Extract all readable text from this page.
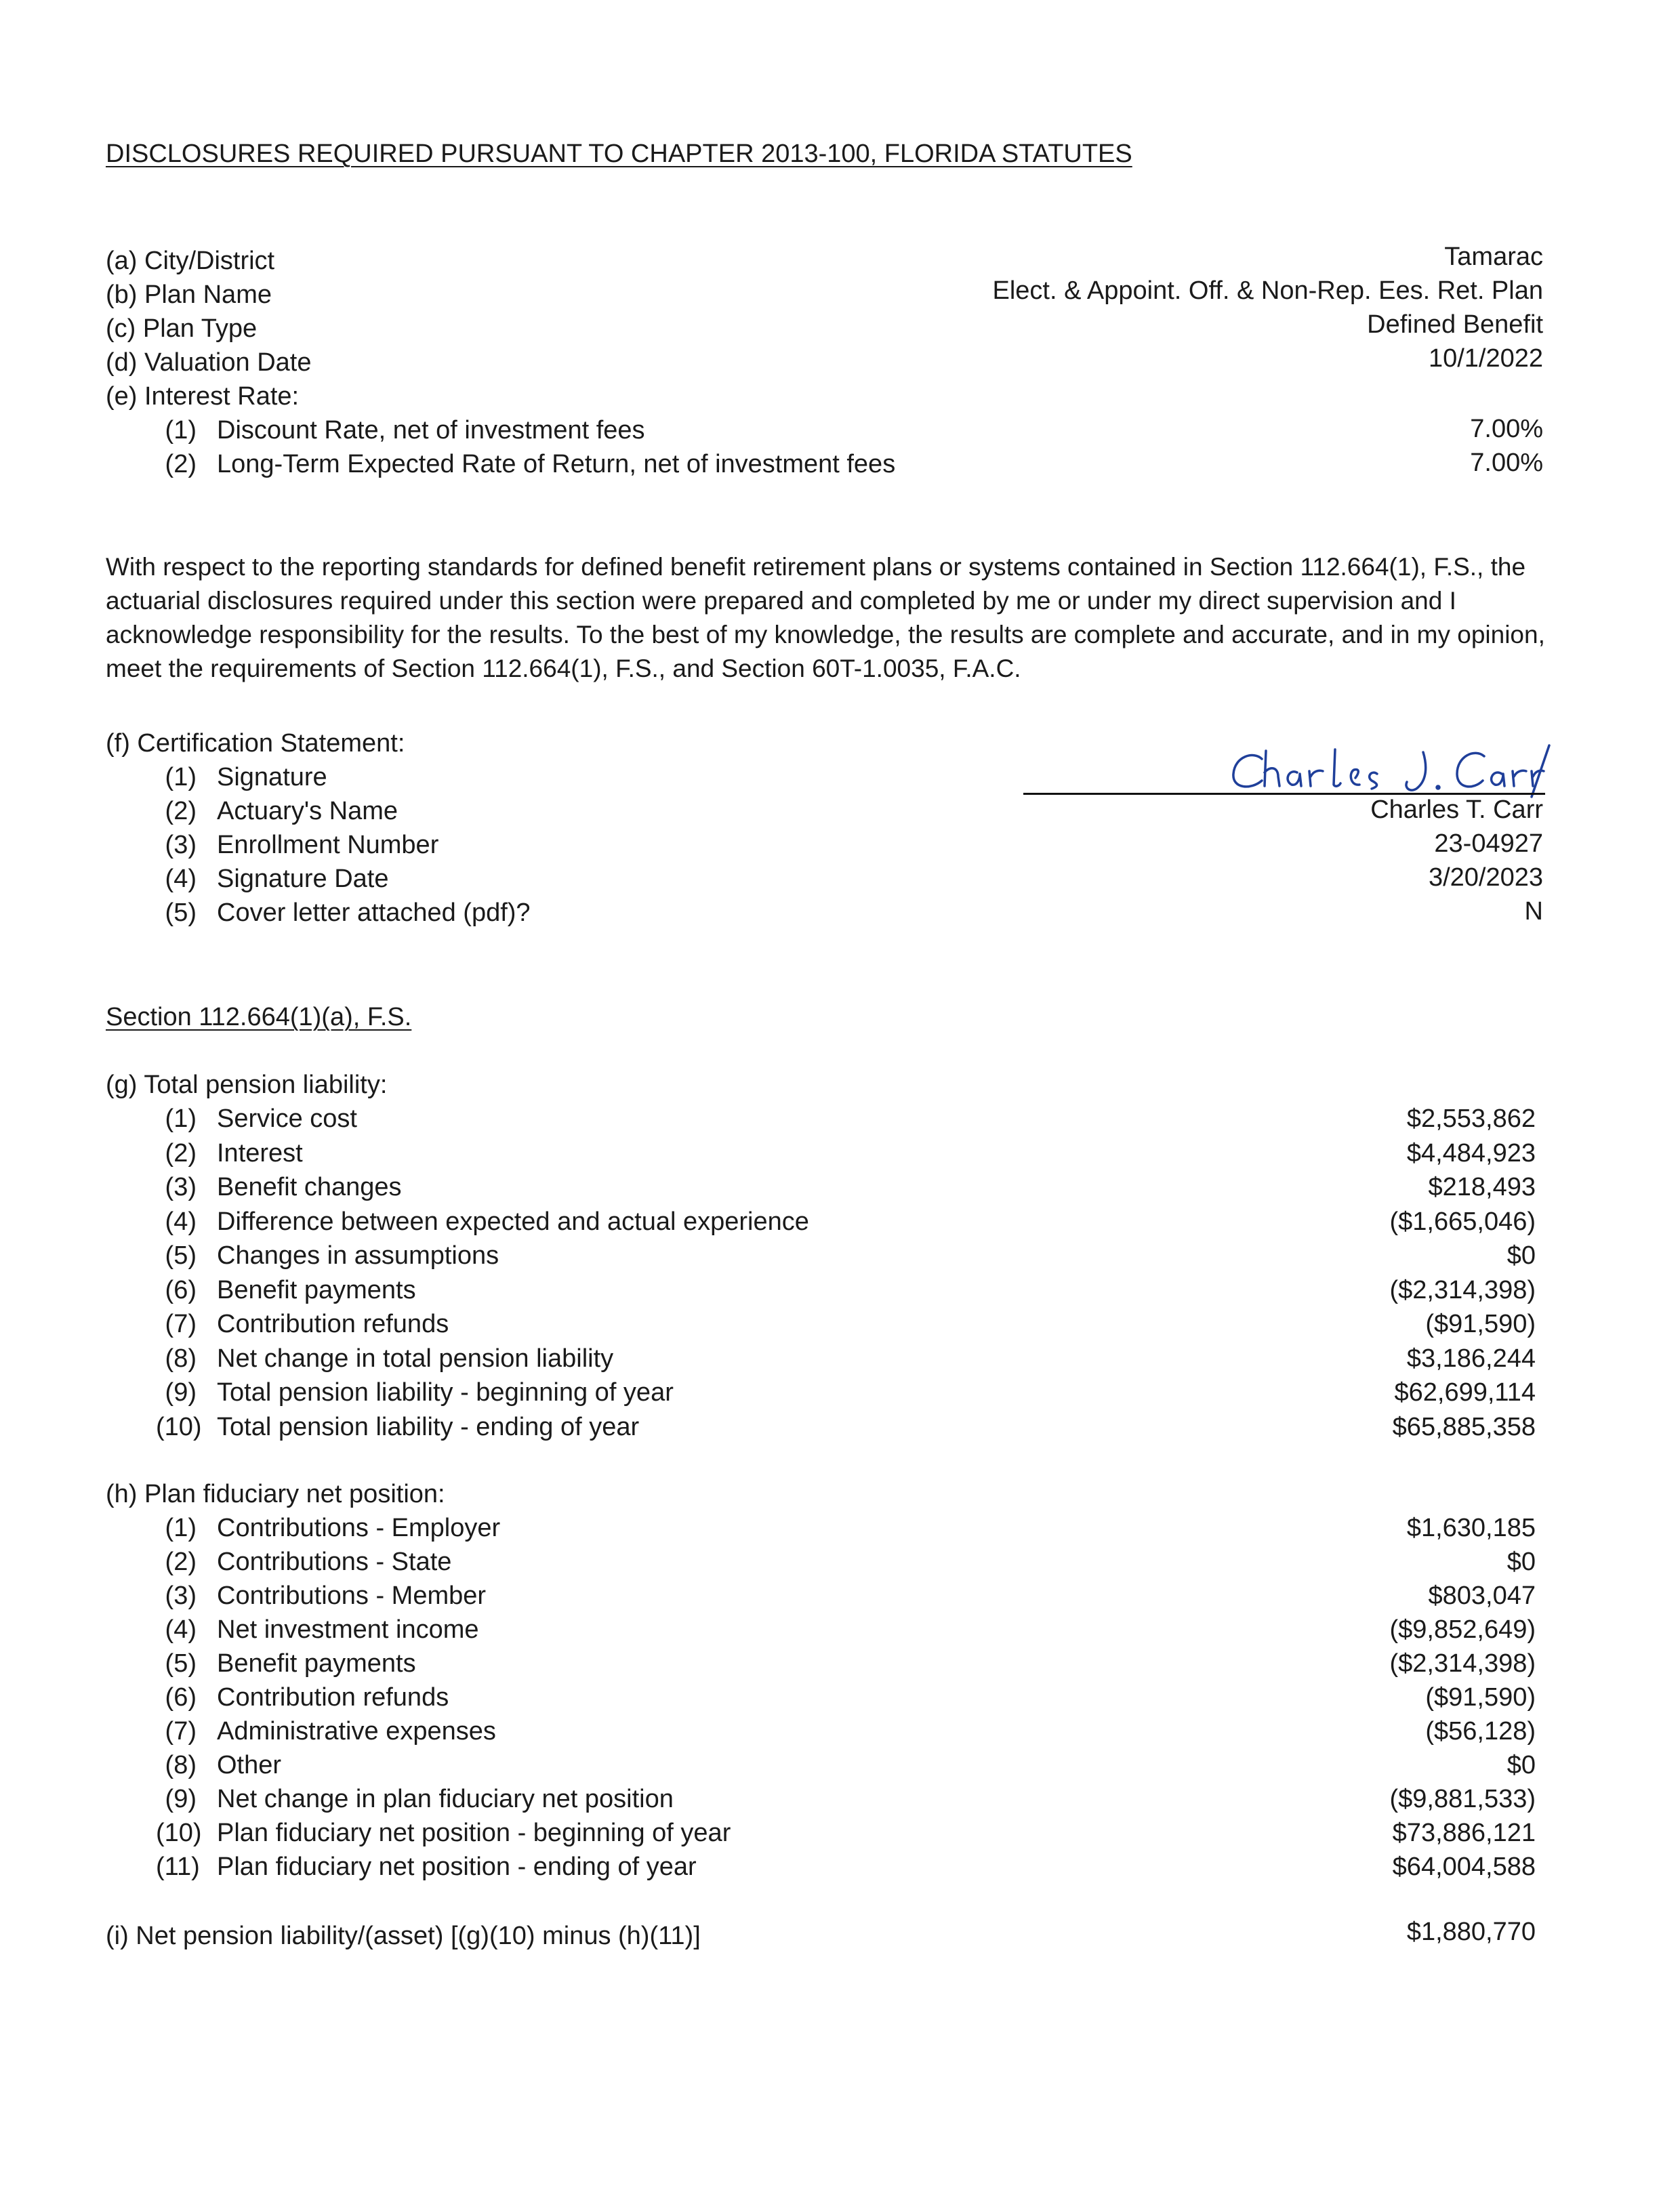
DISCLOSURES REQUIRED PURSUANT TO CHAPTER 2013-100, FLORIDA STATUTES
(a) City/District	Tamarac
(b) Plan Name	Elect. & Appoint. Off. & Non-Rep. Ees. Ret. Plan
(c) Plan Type	Defined Benefit
(d) Valuation Date	10/1/2022
(e) Interest Rate:
(1) Discount Rate, net of investment fees	7.00%
(2) Long-Term Expected Rate of Return, net of investment fees	7.00%
With respect to the reporting standards for defined benefit retirement plans or systems contained in Section 112.664(1), F.S., the actuarial disclosures required under this section were prepared and completed by me or under my direct supervision and I acknowledge responsibility for the results. To the best of my knowledge, the results are complete and accurate, and in my opinion, meet the requirements of Section 112.664(1), F.S., and Section 60T-1.0035, F.A.C.
(f) Certification Statement:
(1) Signature
(2) Actuary's Name	Charles T. Carr
(3) Enrollment Number	23-04927
(4) Signature Date	3/20/2023
(5) Cover letter attached (pdf)?	N
Section 112.664(1)(a), F.S.
(g) Total pension liability:
(1) Service cost	$2,553,862
(2) Interest	$4,484,923
(3) Benefit changes	$218,493
(4) Difference between expected and actual experience	($1,665,046)
(5) Changes in assumptions	$0
(6) Benefit payments	($2,314,398)
(7) Contribution refunds	($91,590)
(8) Net change in total pension liability	$3,186,244
(9) Total pension liability - beginning of year	$62,699,114
(10) Total pension liability - ending of year	$65,885,358
(h) Plan fiduciary net position:
(1) Contributions - Employer	$1,630,185
(2) Contributions - State	$0
(3) Contributions - Member	$803,047
(4) Net investment income	($9,852,649)
(5) Benefit payments	($2,314,398)
(6) Contribution refunds	($91,590)
(7) Administrative expenses	($56,128)
(8) Other	$0
(9) Net change in plan fiduciary net position	($9,881,533)
(10) Plan fiduciary net position - beginning of year	$73,886,121
(11) Plan fiduciary net position - ending of year	$64,004,588
(i) Net pension liability/(asset) [(g)(10) minus (h)(11)]	$1,880,770
